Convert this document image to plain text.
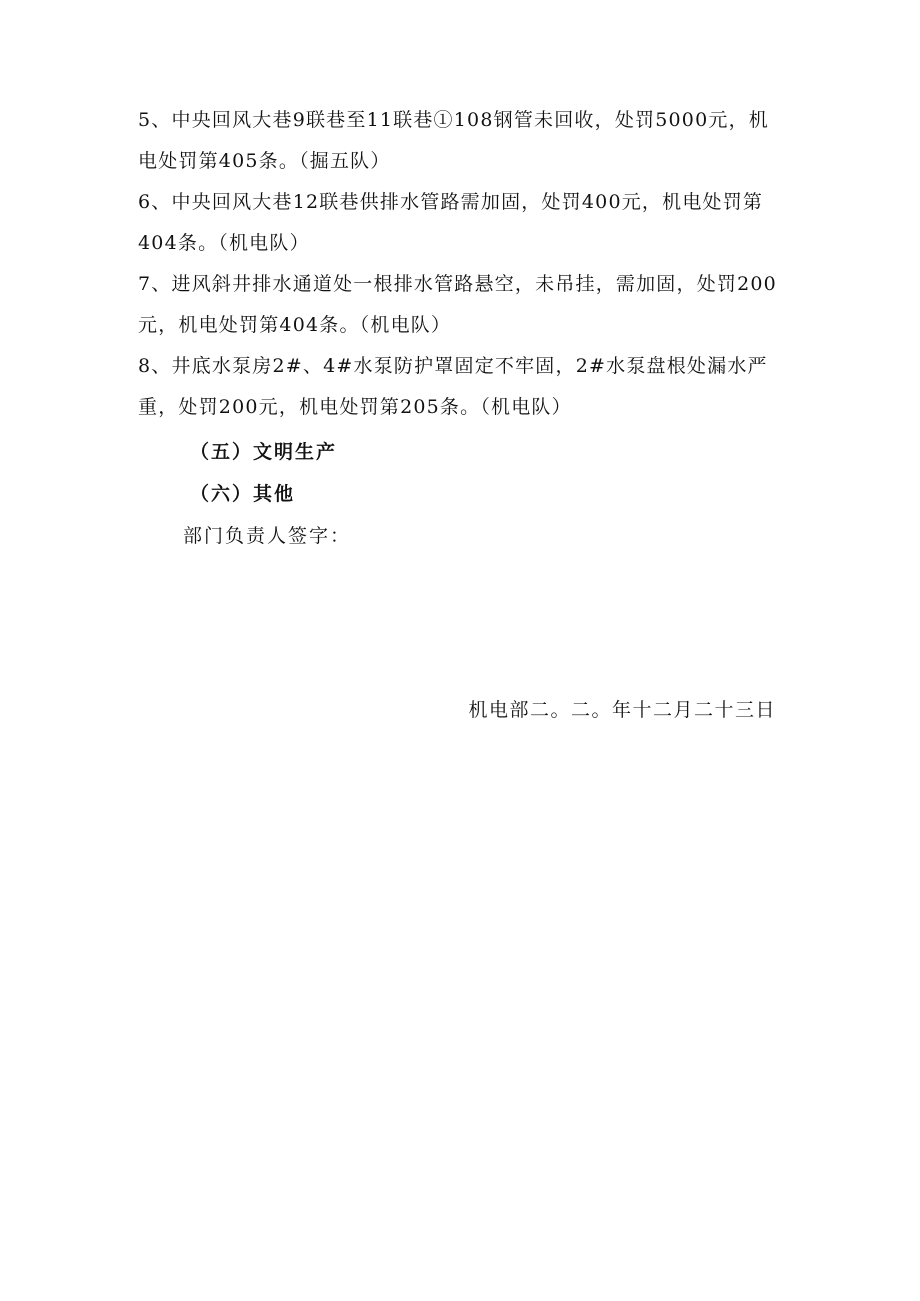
5、中央回风大巷9联巷至11联巷①108钢管未回收，处罚5000元，机电处罚第405条。（掘五队）

6、中央回风大巷12联巷供排水管路需加固，处罚400元，机电处罚第404条。（机电队）

7、进风斜井排水通道处一根排水管路悬空，未吊挂，需加固，处罚200元，机电处罚第404条。（机电队）

8、井底水泵房2#、4#水泵防护罩固定不牢固，2#水泵盘根处漏水严重，处罚200元，机电处罚第205条。（机电队）

（五）文明生产

（六）其他

部门负责人签字：

机电部二。二。年十二月二十三日
